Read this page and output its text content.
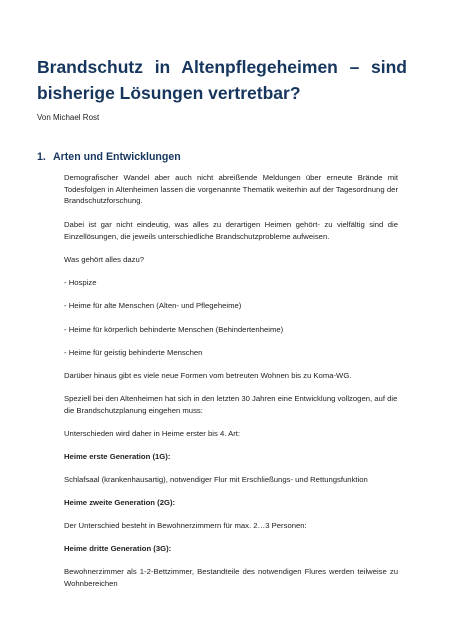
Brandschutz in Altenpflegeheimen – sind bisherige Lösungen vertretbar?

Von Michael Rost

1. Arten und Entwicklungen

Demografischer Wandel aber auch nicht abreißende Meldungen über erneute Brände mit Todesfolgen in Altenheimen lassen die vorgenannte Thematik weiterhin auf der Tagesordnung der Brandschutzforschung.

Dabei ist gar nicht eindeutig, was alles zu derartigen Heimen gehört- zu vielfältig sind die Einzellösungen, die jeweils unterschiedliche Brandschutzprobleme aufweisen.

Was gehört alles dazu?

- Hospize

- Heime für alte Menschen (Alten- und Pflegeheime)

- Heime für körperlich behinderte Menschen (Behindertenheime)

- Heime für geistig behinderte Menschen

Darüber hinaus gibt es viele neue Formen vom betreuten Wohnen bis zu Koma-WG.

Speziell bei den Altenheimen hat sich in den letzten 30 Jahren eine Entwicklung vollzogen, auf die die Brandschutzplanung eingehen muss:

Unterschieden wird daher in Heime erster bis 4. Art:

Heime erste Generation (1G):

Schlafsaal (krankenhausartig), notwendiger Flur mit Erschließungs- und Rettungsfunktion

Heime zweite Generation (2G):

Der Unterschied besteht in Bewohnerzimmern für max. 2…3 Personen:

Heime dritte Generation (3G):

Bewohnerzimmer als 1-2-Bettzimmer, Bestandteile des notwendigen Flures werden teilweise zu Wohnbereichen
